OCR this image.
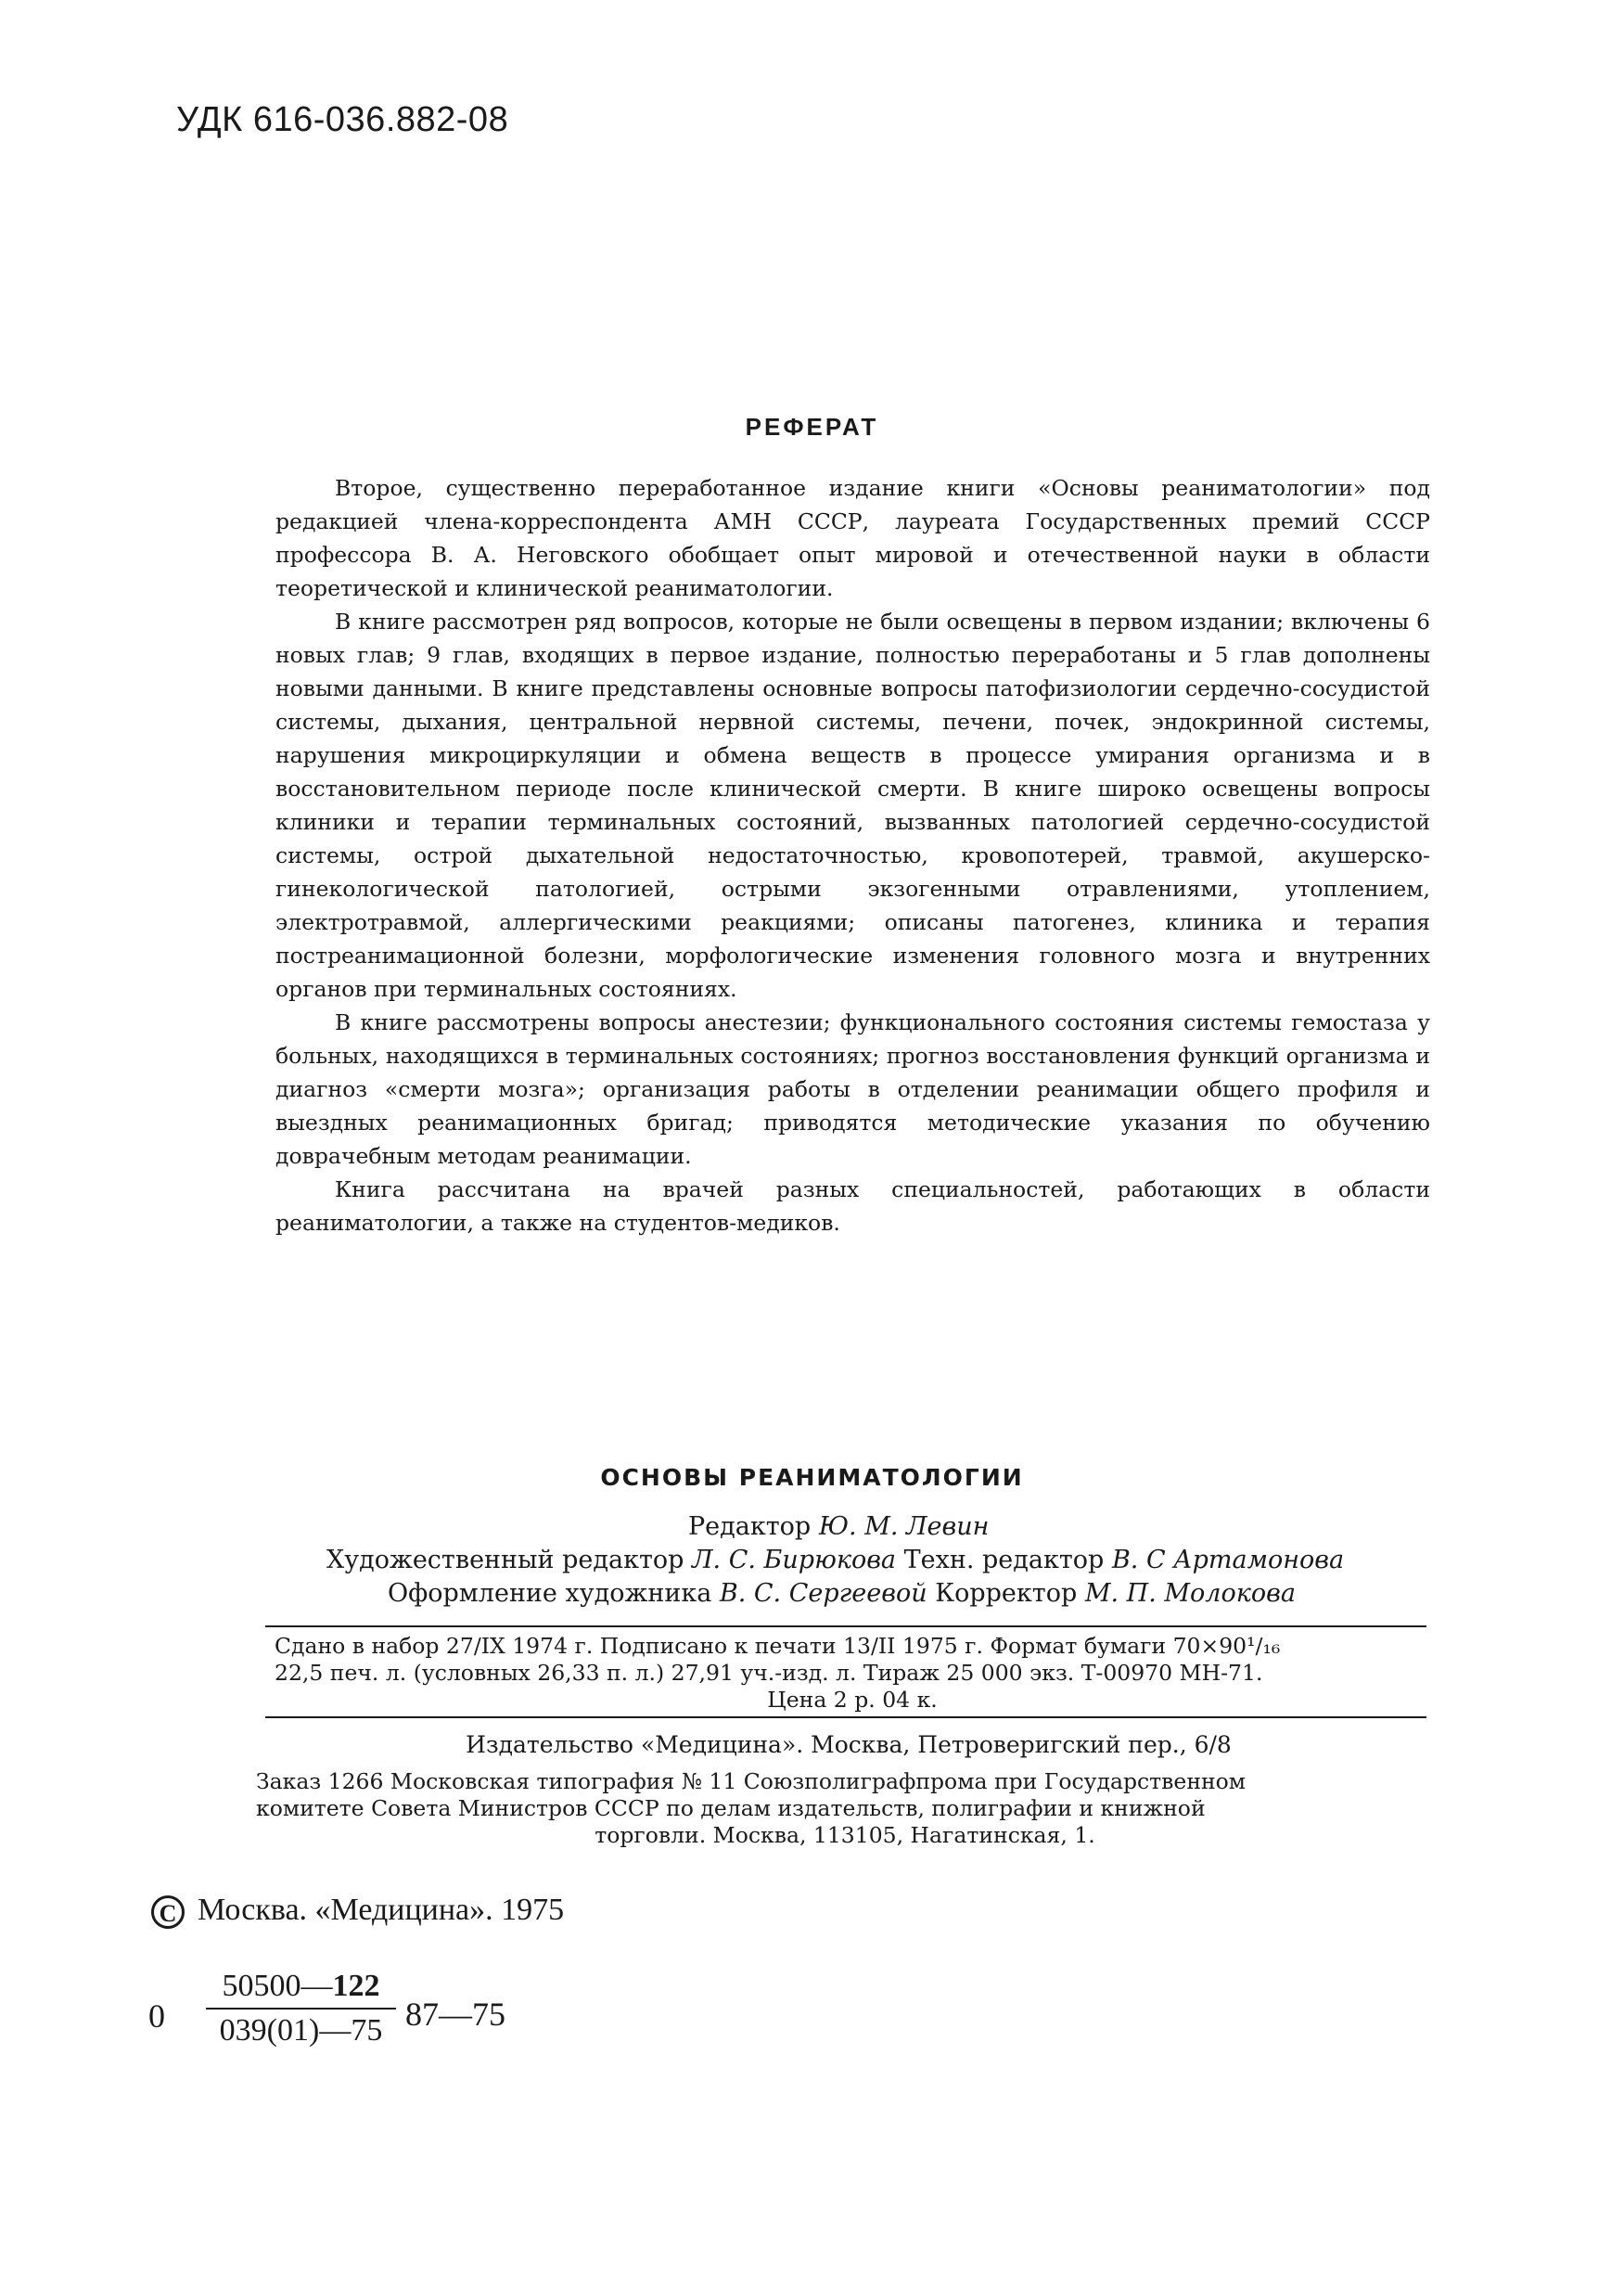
УДК 616-036.882-08
РЕФЕРАТ

Второе, существенно переработанное издание книги «Основы реаниматологии» под редакцией члена-корреспондента АМН СССР, лауреата Государственных премий СССР профессора В. А. Неговского обобщает опыт мировой и отечественной науки в области теоретической и клинической реаниматологии.

В книге рассмотрен ряд вопросов, которые не были освещены в первом издании; включены 6 новых глав; 9 глав, входящих в первое издание, полностью переработаны и 5 глав дополнены новыми данными. В книге представлены основные вопросы патофизиологии сердечно-сосудистой системы, дыхания, центральной нервной системы, печени, почек, эндокринной системы, нарушения микроциркуляции и обмена веществ в процессе умирания организма и в восстановительном периоде после клинической смерти. В книге широко освещены вопросы клиники и терапии терминальных состояний, вызванных патологией сердечно-сосудистой системы, острой дыхательной недостаточностью, кровопотерей, травмой, акушерско-гинекологической патологией, острыми экзогенными отравлениями, утоплением, электротравмой, аллергическими реакциями; описаны патогенез, клиника и терапия постреанимационной болезни, морфологические изменения головного мозга и внутренних органов при терминальных состояниях.

В книге рассмотрены вопросы анестезии; функционального состояния системы гемостаза у больных, находящихся в терминальных состояниях; прогноз восстановления функций организма и диагноз «смерти мозга»; организация работы в отделении реанимации общего профиля и выездных реанимационных бригад; приводятся методические указания по обучению доврачебным методам реанимации.

Книга рассчитана на врачей разных специальностей, работающих в области реаниматологии, а также на студентов-медиков.

ОСНОВЫ РЕАНИМАТОЛОГИИ
Редактор Ю. М. Левин
Художественный редактор Л. С. Бирюкова Техн. редактор В. С Артамонова
Оформление художника В. С. Сергеевой Корректор М. П. Молокова
Сдано в набор 27/IX 1974 г. Подписано к печати 13/II 1975 г. Формат бумаги 70×90¹/₁₆
22,5 печ. л. (условных 26,33 п. л.) 27,91 уч.-изд. л. Тираж 25 000 экз. Т-00970 МН-71.
Цена 2 р. 04 к.
Издательство «Медицина». Москва, Петроверигский пер., 6/8
Заказ 1266 Московская типография № 11 Союзполиграфпрома при Государственном
комитете Совета Министров СССР по делам издательств, полиграфии и книжной
торговли. Москва, 113105, Нагатинская, 1.
C Москва. «Медицина». 1975
0
50500—122
039(01)—75 87—75
